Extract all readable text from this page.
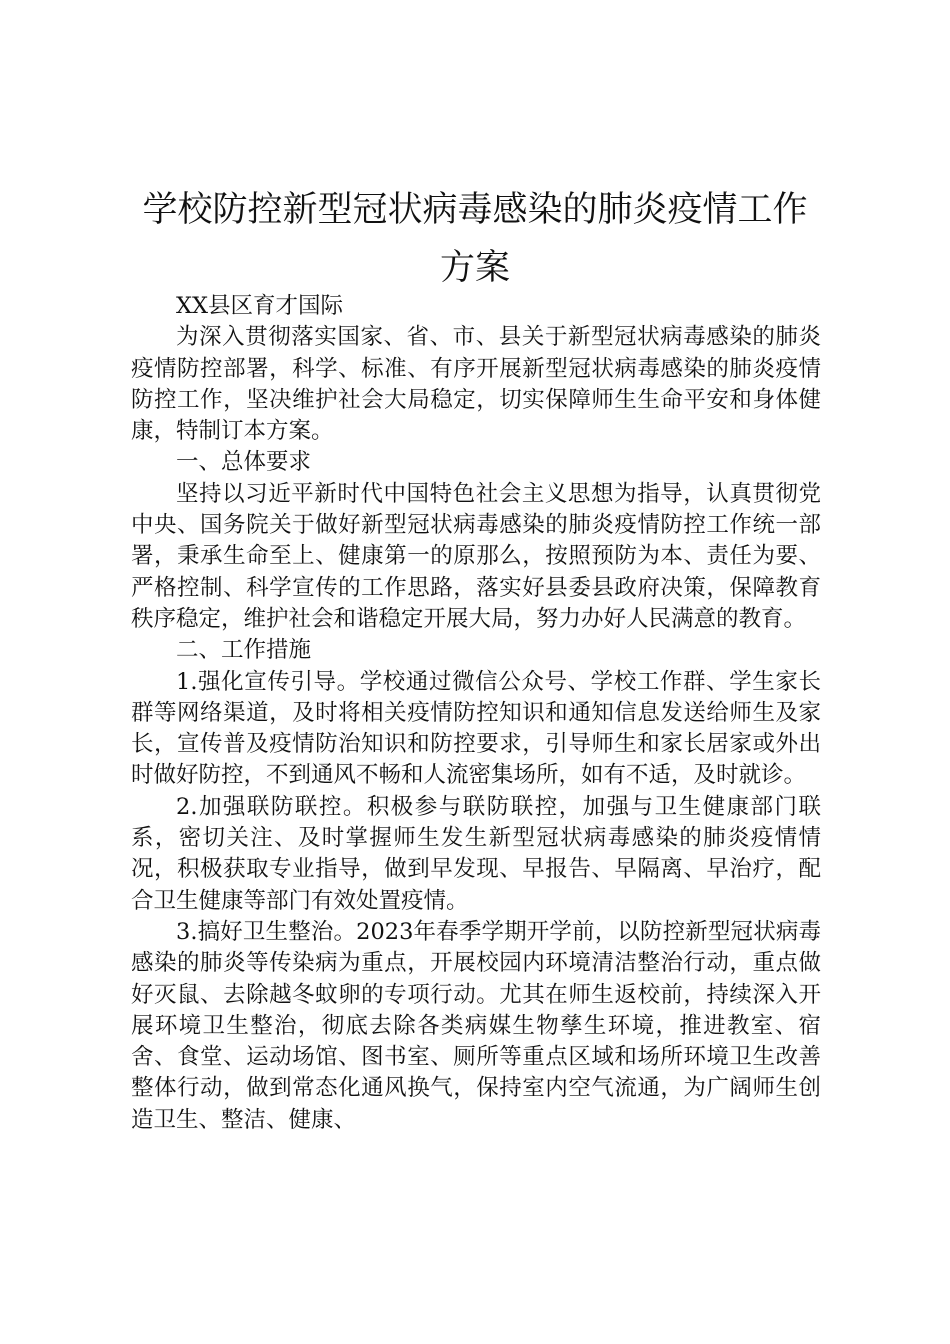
学校防控新型冠状病毒感染的肺炎疫情工作
方案

XX县区育才国际

为深入贯彻落实国家、省、市、县关于新型冠状病毒感染的肺炎疫情防控部署，科学、标准、有序开展新型冠状病毒感染的肺炎疫情防控工作，坚决维护社会大局稳定，切实保障师生生命平安和身体健康，特制订本方案。

一、总体要求

坚持以习近平新时代中国特色社会主义思想为指导，认真贯彻党中央、国务院关于做好新型冠状病毒感染的肺炎疫情防控工作统一部署，秉承生命至上、健康第一的原那么，按照预防为本、责任为要、严格控制、科学宣传的工作思路，落实好县委县政府决策，保障教育秩序稳定，维护社会和谐稳定开展大局，努力办好人民满意的教育。

二、工作措施

1.强化宣传引导。学校通过微信公众号、学校工作群、学生家长群等网络渠道，及时将相关疫情防控知识和通知信息发送给师生及家长，宣传普及疫情防治知识和防控要求，引导师生和家长居家或外出时做好防控，不到通风不畅和人流密集场所，如有不适，及时就诊。

2.加强联防联控。积极参与联防联控，加强与卫生健康部门联系，密切关注、及时掌握师生发生新型冠状病毒感染的肺炎疫情情况，积极获取专业指导，做到早发现、早报告、早隔离、早治疗，配合卫生健康等部门有效处置疫情。

3.搞好卫生整治。2023年春季学期开学前，以防控新型冠状病毒感染的肺炎等传染病为重点，开展校园内环境清洁整治行动，重点做好灭鼠、去除越冬蚊卵的专项行动。尤其在师生返校前，持续深入开展环境卫生整治，彻底去除各类病媒生物孳生环境，推进教室、宿舍、食堂、运动场馆、图书室、厕所等重点区域和场所环境卫生改善整体行动，做到常态化通风换气，保持室内空气流通，为广阔师生创造卫生、整洁、健康、
